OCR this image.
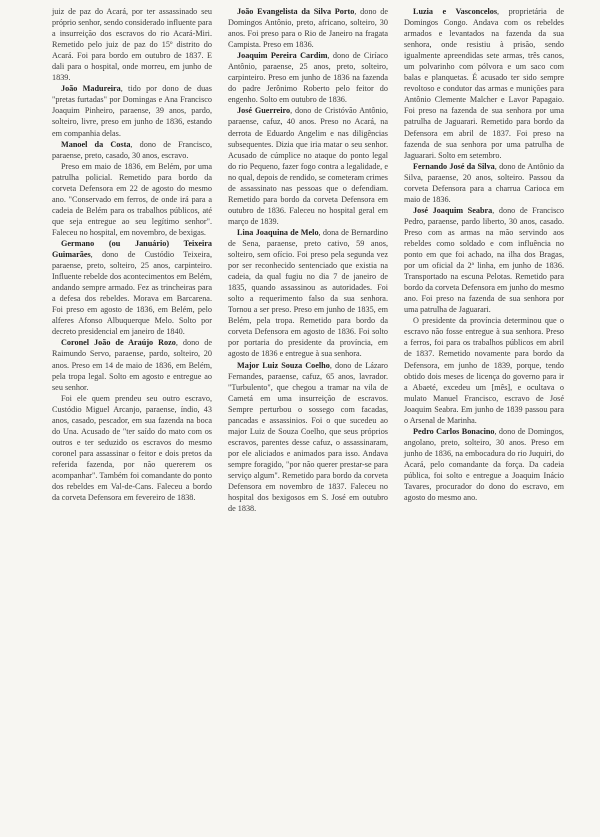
juiz de paz do Acará, por ter assassinado seu próprio senhor, sendo considerado influente para a insurreição dos escravos do rio Acará-Miri. Remetido pelo juiz de paz do 15º distrito do Acará. Foi para bordo em outubro de 1837. E dali para o hospital, onde morreu, em junho de 1839.

João Madureira, tido por dono de duas "pretas furtadas" por Domingas e Ana Francisco Joaquim Pinheiro, paraense, 39 anos, pardo, solteiro, livre, preso em junho de 1836, estando em companhia delas.

Manoel da Costa, dono de Francisco, paraense, preto, casado, 30 anos, escravo.

Preso em maio de 1836, em Belém, por uma patrulha policial. Remetido para bordo da corveta Defensora em 22 de agosto do mesmo ano. "Conservado em ferros, de onde irá para a cadeia de Belém para os trabalhos públicos, até que seja entregue ao seu legítimo senhor". Faleceu no hospital, em novembro, de bexigas.

Germano (ou Januário) Teixeira Guimarães, dono de Custódio Teixeira, paraense, preto, solteiro, 25 anos, carpinteiro. Influente rebelde dos acontecimentos em Belém, andando sempre armado. Fez as trincheiras para a defesa dos rebeldes. Morava em Barcarena. Foi preso em agosto de 1836, em Belém, pelo alferes Afonso Albuquerque Melo. Solto por decreto presidencial em janeiro de 1840.

Coronel João de Araújo Rozo, dono de Raimundo Servo, paraense, pardo, solteiro, 20 anos. Preso em 14 de maio de 1836, em Belém, pela tropa legal. Solto em agosto e entregue ao seu senhor.

Foi ele quem prendeu seu outro escravo, Custódio Miguel Arcanjo, paraense, índio, 43 anos, casado, pescador, em sua fazenda na boca do Una. Acusado de "ter saído do mato com os outros e ter seduzido os escravos do mesmo coronel para assassinar o feitor e dois pretos da referida fazenda, por não quererem os acompanhar". Também foi comandante do ponto dos rebeldes em Val-de-Cans. Faleceu a bordo da corveta Defensora em fevereiro de 1838.

João Evangelista da Silva Porto, dono de Domingos Antônio, preto, africano, solteiro, 30 anos. Foi preso para o Rio de Janeiro na fragata Campista. Preso em 1836.

Joaquim Pereira Cardim, dono de Ciríaco Antônio, paraense, 25 anos, preto, solteiro, carpinteiro. Preso em junho de 1836 na fazenda do padre Jerônimo Roberto pelo feitor do engenho. Solto em outubro de 1836.

José Guerreiro, dono de Cristóvão Antônio, paraense, cafuz, 40 anos. Preso no Acará, na derrota de Eduardo Angelim e nas diligências subsequentes. Dizia que iria matar o seu senhor. Acusado de cúmplice no ataque do ponto legal do rio Pequeno, fazer fogo contra a legalidade, e no qual, depois de rendido, se cometeram crimes de assassinato nas pessoas que o defendiam. Remetido para bordo da corveta Defensora em outubro de 1836. Faleceu no hospital geral em março de 1839.

Lina Joaquina de Melo, dona de Bernardino de Sena, paraense, preto cativo, 59 anos, solteiro, sem ofício. Foi preso pela segunda vez por ser reconhecido sentenciado que existia na cadeia, da qual fugiu no dia 7 de janeiro de 1835, quando assassinou as autoridades. Foi solto a requerimento falso da sua senhora. Tornou a ser preso. Preso em junho de 1835, em Belém, pela tropa. Remetido para bordo da corveta Defensora em agosto de 1836. Foi solto por portaria do presidente da província, em agosto de 1836 e entregue à sua senhora.

Major Luiz Souza Coelho, dono de Lázaro Fernandes, paraense, cafuz, 65 anos, lavrador. "Turbulento", que chegou a tramar na vila de Cametá em uma insurreição de escravos. Sempre perturbou o sossego com facadas, pancadas e assassinios. Foi o que sucedeu ao major Luiz de Souza Coelho, que seus próprios escravos, parentes desse cafuz, o assassinaram, por ele aliciados e animados para isso. Andava sempre foragido, "por não querer prestar-se para serviço algum". Remetido para bordo da corveta Defensora em novembro de 1837. Faleceu no hospital dos bexigosos em S. José em outubro de 1838.

Luzia e Vasconcelos, proprietária de Domingos Congo. Andava com os rebeldes armados e levantados na fazenda da sua senhora, onde resistiu à prisão, sendo igualmente apreendidas sete armas, três canos, um polvarinho com pólvora e um saco com balas e planquetas. É acusado ter sido sempre revoltoso e condutor das armas e munições para Antônio Clemente Malcher e Lavor Papagaio. Foi preso na fazenda de sua senhora por uma patrulha de Jaguarari. Remetido para bordo da Defensora em abril de 1837. Foi preso na fazenda de sua senhora por uma patrulha de Jaguarari. Solto em setembro.

Fernando José da Silva, dono de Antônio da Silva, paraense, 20 anos, solteiro. Passou da corveta Defensora para a charrua Carioca em maio de 1836.

José Joaquim Seabra, dono de Francisco Pedro, paraense, pardo liberto, 30 anos, casado. Preso com as armas na mão servindo aos rebeldes como soldado e com influência no ponto em que foi achado, na ilha dos Bragas, por um oficial da 2ª linha, em junho de 1836. Transportado na escuna Pelotas. Remetido para bordo da corveta Defensora em junho do mesmo ano. Foi preso na fazenda de sua senhora por uma patrulha de Jaguarari.

O presidente da província determinou que o escravo não fosse entregue à sua senhora. Preso a ferros, foi para os trabalhos públicos em abril de 1837. Remetido novamente para bordo da Defensora, em junho de 1839, porque, tendo obtido dois meses de licença do governo para ir a Abaeté, excedeu um [mês], e ocultava o mulato Manuel Francisco, escravo de José Joaquim Seabra. Em junho de 1839 passou para o Arsenal de Marinha.

Pedro Carlos Bonacino, dono de Domingos, angolano, preto, solteiro, 30 anos. Preso em junho de 1836, na embocadura do rio Juquiri, do Acará, pelo comandante da força. Da cadeia pública, foi solto e entregue a Joaquim Inácio Tavares, procurador do dono do escravo, em agosto do mesmo ano.
